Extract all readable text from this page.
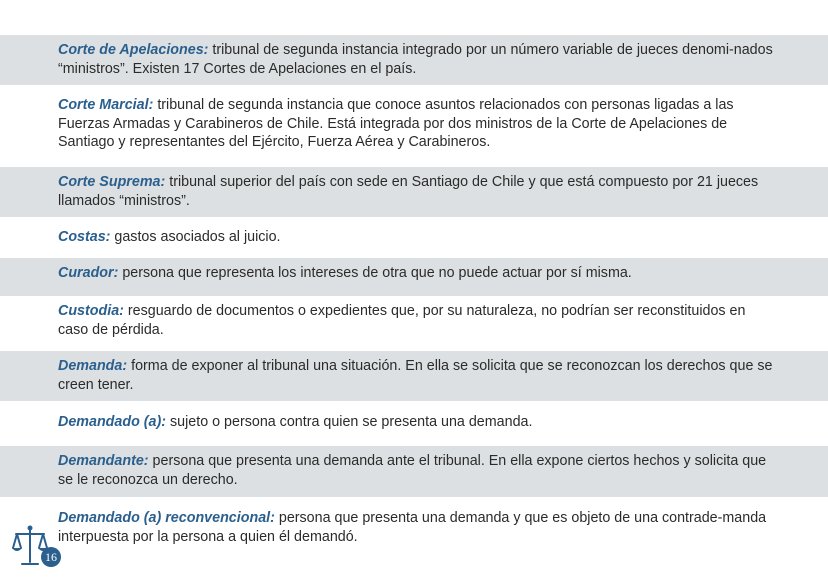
Corte de Apelaciones: tribunal de segunda instancia integrado por un número variable de jueces denomi-nados “ministros”. Existen 17 Cortes de Apelaciones en el país.
Corte Marcial: tribunal de segunda instancia que conoce asuntos relacionados con personas ligadas a las Fuerzas Armadas y Carabineros de Chile. Está integrada por dos ministros de la Corte de Apelaciones de Santiago y representantes del Ejército, Fuerza Aérea y Carabineros.
Corte Suprema: tribunal superior del país con sede en Santiago de Chile y que está compuesto por 21 jueces llamados “ministros”.
Costas: gastos asociados al juicio.
Curador: persona que representa los intereses de otra que no puede actuar por sí misma.
Custodia: resguardo de documentos o expedientes que, por su naturaleza, no podrían ser reconstituidos en caso de pérdida.
Demanda: forma de exponer al tribunal una situación. En ella se solicita que se reconozcan los derechos que se creen tener.
Demandado (a): sujeto o persona contra quien se presenta una demanda.
Demandante: persona que presenta una demanda ante el tribunal. En ella expone ciertos hechos y solicita que se le reconozca un derecho.
Demandado (a) reconvencional: persona que presenta una demanda y que es objeto de una contrade-manda interpuesta por la persona a quien él demandó.
16
